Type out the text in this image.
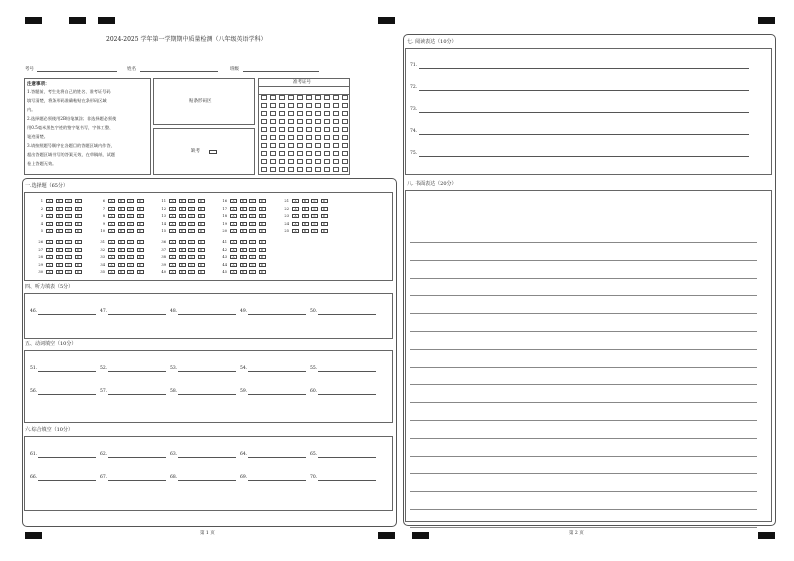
2024-2025 学年第一学期期中质量检测（八年级英语学科）
考号	姓名	班级
注意事项：
1.答题前，考生先将自己的姓名、准考证号码
填写清楚，将条形码准确粘贴在条形码区域
内。
2.选择题必须使用2B铅笔填涂；非选择题必须使
用0.5毫米黑色字迹的签字笔书写，字体工整、
笔迹清楚。
3.请按照题号顺序在各题目的答题区域内作答，
超出答题区域书写的答案无效，在草稿纸、试题
卷上答题无效。
贴条形码区
缺考
准考证号
一.选择题（65分）
1	A	B	C	D	6	A	B	C	D	11	A	B	C	D	16	A	B	C	D	21	A	B	C	D
2	A	B	C	D	7	A	B	C	D	12	A	B	C	D	17	A	B	C	D	22	A	B	C	D
3	A	B	C	D	8	A	B	C	D	13	A	B	C	D	18	A	B	C	D	23	A	B	C	D
4	A	B	C	D	9	A	B	C	D	14	A	B	C	D	19	A	B	C	D	24	A	B	C	D
5	A	B	C	D	10	A	B	C	D	15	A	B	C	D	20	A	B	C	D	25	A	B	C	D
26	A	B	C	D	31	A	B	C	D	36	A	B	C	D	41	A	B	C	D
27	A	B	C	D	32	A	B	C	D	37	A	B	C	D	42	A	B	C	D
28	A	B	C	D	33	A	B	C	D	38	A	B	C	D	43	A	B	C	D
29	A	B	C	D	34	A	B	C	D	39	A	B	C	D	44	A	B	C	D
30	A	B	C	D	35	A	B	C	D	40	A	B	C	D	45	A	B	C	D
四、听力填表（5分）
46.	47.	48.	49.	50.
五、动词填空（10分）
51.	52.	53.	54.	55.
56.	57.	58.	59.	60.
六.综合填空（10分）
61.	62.	63.	64.	65.
66.	67.	68.	69.	70.
第 1 页
七. 阅读表达（10分）
71.
72.
73.
74.
75.
八. 书面表达（20分）
第 2 页
